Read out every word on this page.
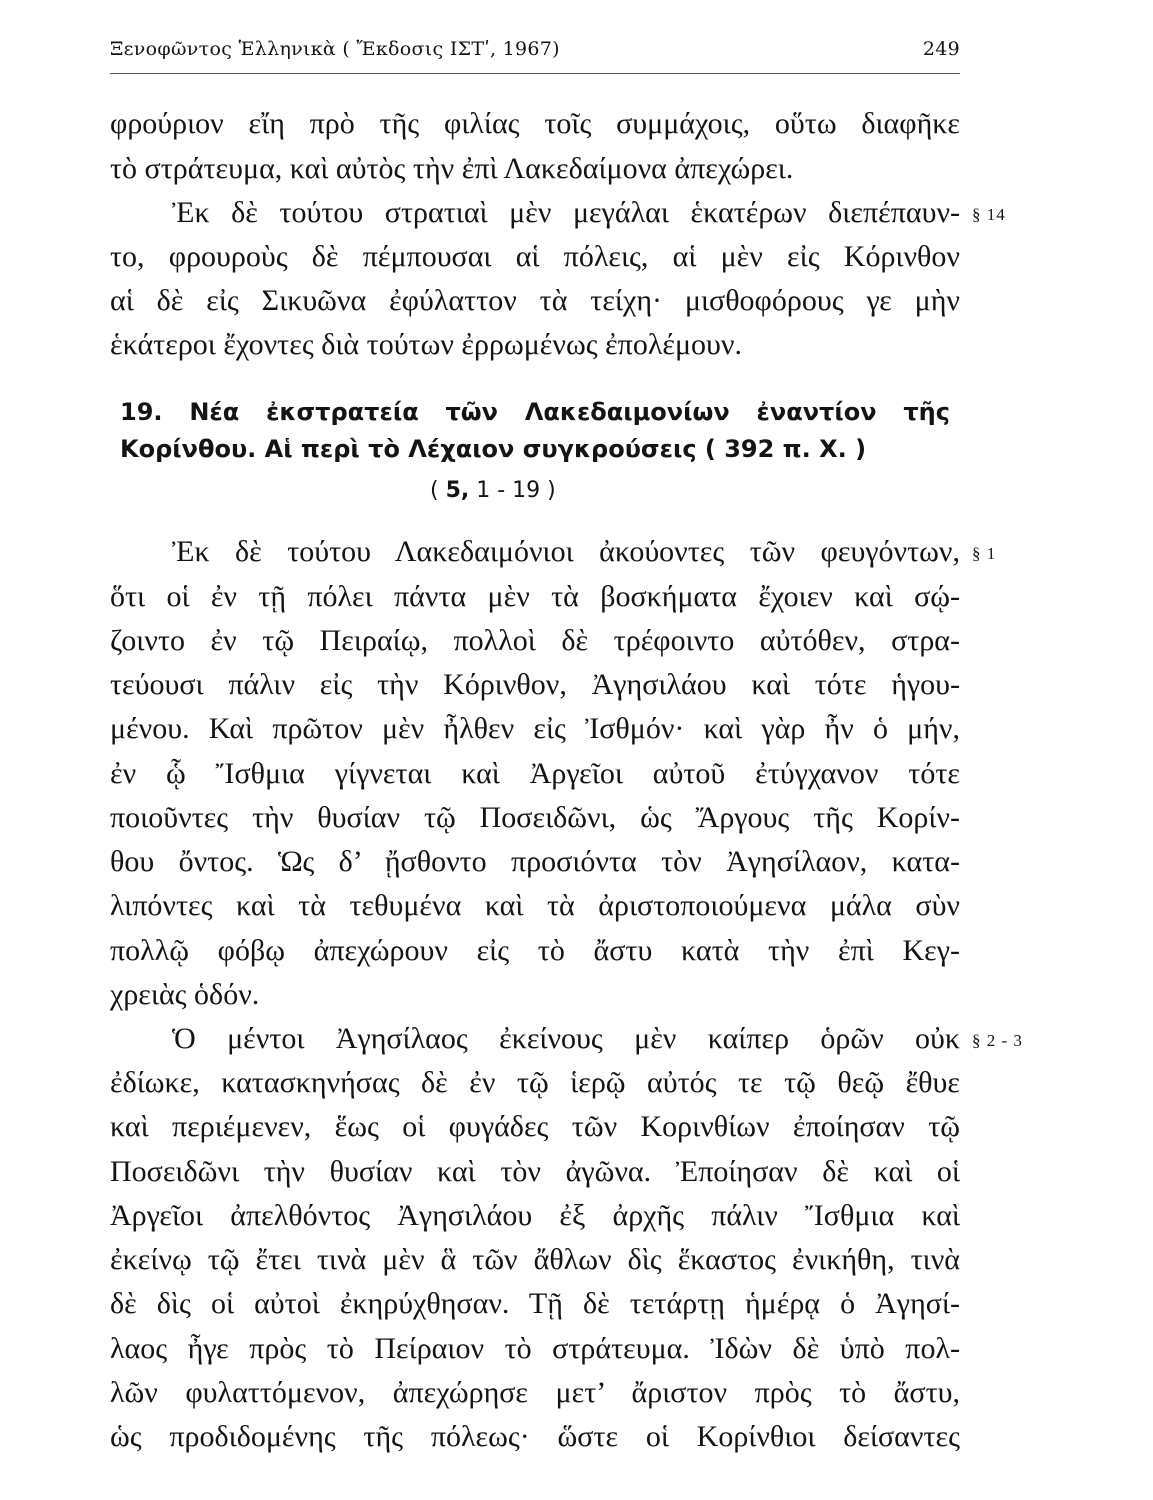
Ξενοφῶντος Ἑλληνικὰ ( Ἔκδοσις ΙΣΤʹ, 1967)	249
φρούριον εἴη πρὸ τῆς φιλίας τοῖς συμμάχοις, οὕτω διαφῆκε
τὸ στράτευμα, καὶ αὐτὸς τὴν ἐπὶ Λακεδαίμονα ἀπεχώρει.
Ἐκ δὲ τούτου στρατιαὶ μὲν μεγάλαι ἑκατέρων διεπέπαυν-
το, φρουροὺς δὲ πέμπουσαι αἱ πόλεις, αἱ μὲν εἰς Κόρινθον
αἱ δὲ εἰς Σικυῶνα ἐφύλαττον τὰ τείχη· μισθοφόρους γε μὴν
ἑκάτεροι ἔχοντες διὰ τούτων ἐρρωμένως ἐπολέμουν.
§ 14
19. Νέα ἐκστρατεία τῶν Λακεδαιμονίων ἐναντίον τῆς
Κορίνθου. Αἱ περὶ τὸ Λέχαιον συγκρούσεις ( 392 π. Χ. )
( 5, 1 - 19 )
Ἐκ δὲ τούτου Λακεδαιμόνιοι ἀκούοντες τῶν φευγόντων,
ὅτι οἱ ἐν τῇ πόλει πάντα μὲν τὰ βοσκήματα ἔχοιεν καὶ σῴ-
ζοιντο ἐν τῷ Πειραίῳ, πολλοὶ δὲ τρέφοιντο αὐτόθεν, στρα-
τεύουσι πάλιν εἰς τὴν Κόρινθον, Ἀγησιλάου καὶ τότε ἡγου-
μένου. Καὶ πρῶτον μὲν ἦλθεν εἰς Ἰσθμόν· καὶ γὰρ ἦν ὁ μήν,
ἐν ᾧ Ἴσθμια γίγνεται καὶ Ἀργεῖοι αὐτοῦ ἐτύγχανον τότε
ποιοῦντες τὴν θυσίαν τῷ Ποσειδῶνι, ὡς Ἄργους τῆς Κορίν-
θου ὄντος. Ὡς δ’ ᾔσθοντο προσιόντα τὸν Ἀγησίλαον, κατα-
λιπόντες καὶ τὰ τεθυμένα καὶ τὰ ἀριστοποιούμενα μάλα σὺν
πολλῷ φόβῳ ἀπεχώρουν εἰς τὸ ἄστυ κατὰ τὴν ἐπὶ Κεγ-
χρειὰς ὁδόν.
§ 1
Ὁ μέντοι Ἀγησίλαος ἐκείνους μὲν καίπερ ὁρῶν οὐκ
ἐδίωκε, κατασκηνήσας δὲ ἐν τῷ ἱερῷ αὐτός τε τῷ θεῷ ἔθυε
καὶ περιέμενεν, ἕως οἱ φυγάδες τῶν Κορινθίων ἐποίησαν τῷ
Ποσειδῶνι τὴν θυσίαν καὶ τὸν ἀγῶνα. Ἐποίησαν δὲ καὶ οἱ
Ἀργεῖοι ἀπελθόντος Ἀγησιλάου ἐξ ἀρχῆς πάλιν Ἴσθμια καὶ
ἐκείνῳ τῷ ἔτει τινὰ μὲν ἃ τῶν ἄθλων δὶς ἕκαστος ἐνικήθη, τινὰ
δὲ δὶς οἱ αὐτοὶ ἐκηρύχθησαν. Τῇ δὲ τετάρτῃ ἡμέρᾳ ὁ Ἀγησί-
λαος ἦγε πρὸς τὸ Πείραιον τὸ στράτευμα. Ἰδὼν δὲ ὑπὸ πολ-
λῶν φυλαττόμενον, ἀπεχώρησε μετ’ ἄριστον πρὸς τὸ ἄστυ,
ὡς προδιδομένης τῆς πόλεως· ὥστε οἱ Κορίνθιοι δείσαντες
§ 2 - 3
